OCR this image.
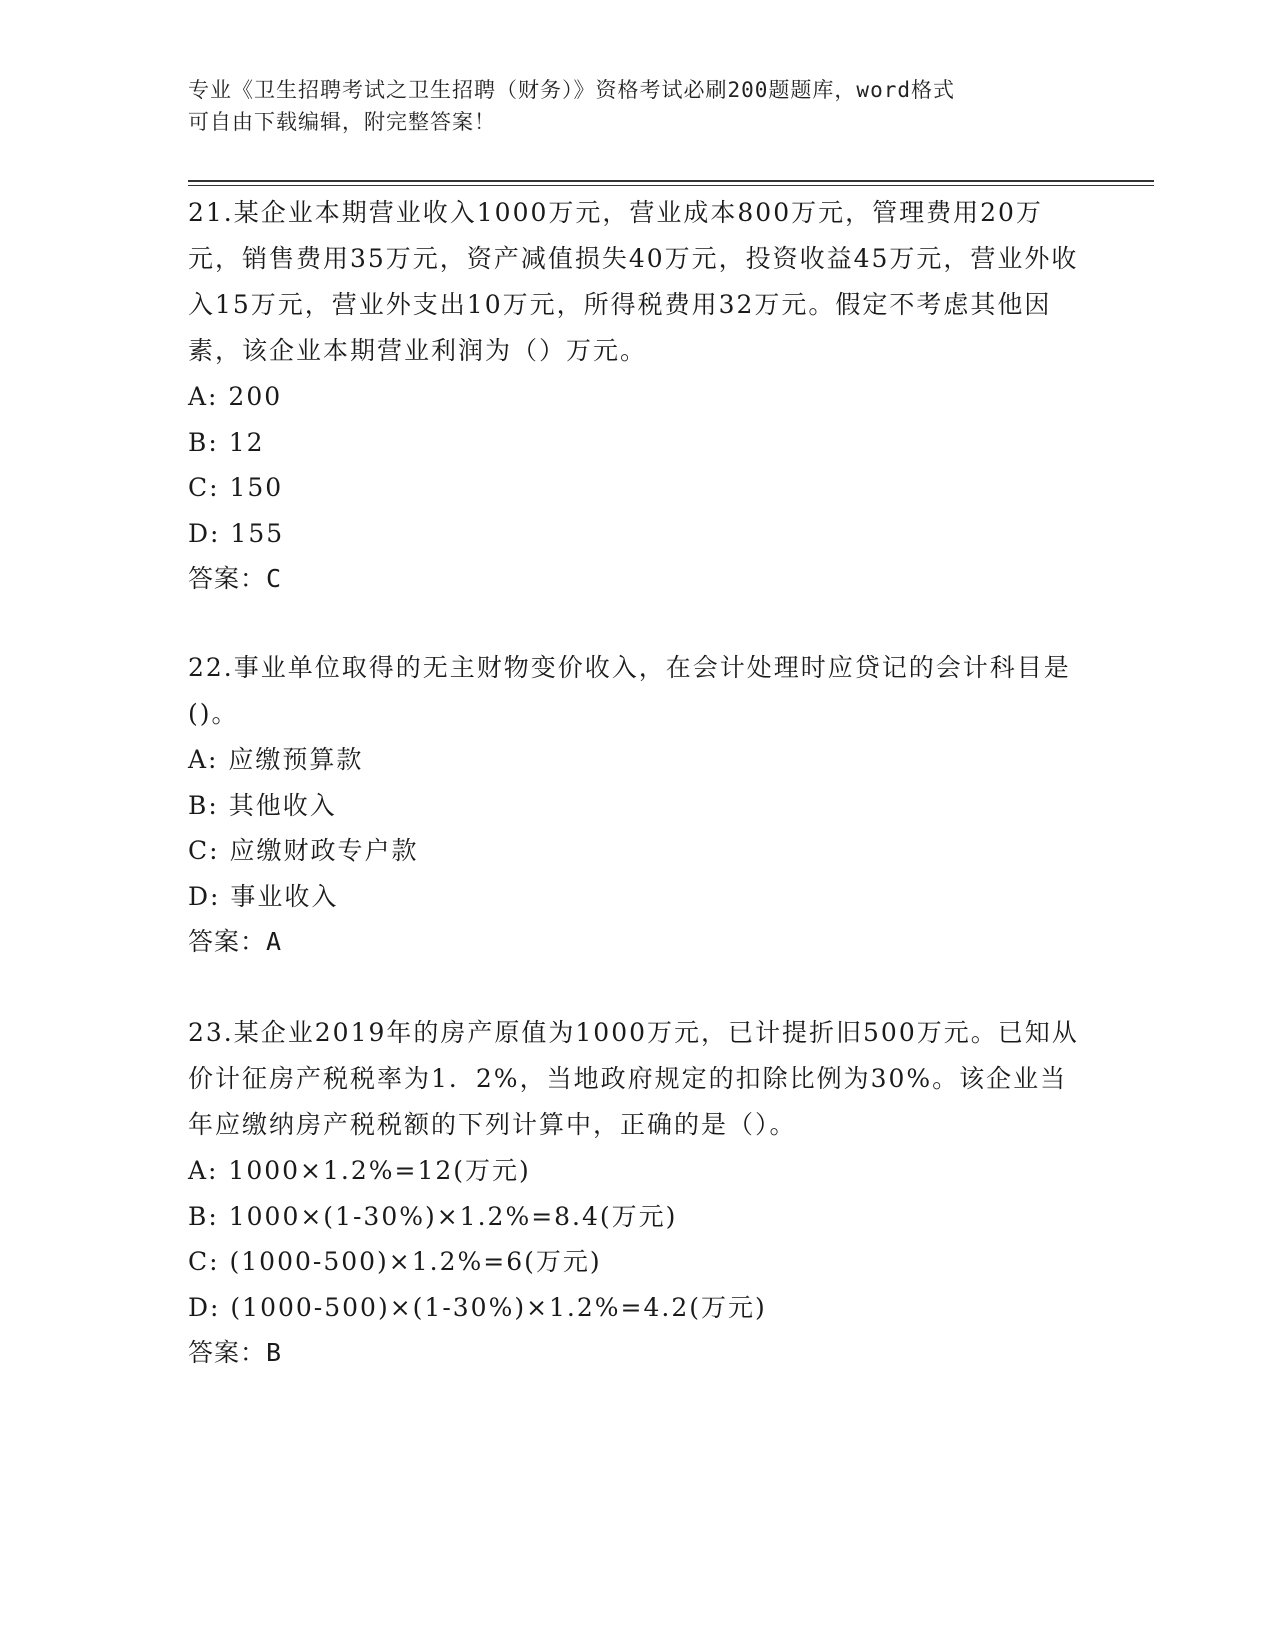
专业《卫生招聘考试之卫生招聘（财务）》资格考试必刷200题题库，word格式
可自由下载编辑，附完整答案！

21.某企业本期营业收入1000万元，营业成本800万元，管理费用20万元，销售费用35万元，资产减值损失40万元，投资收益45万元，营业外收入15万元，营业外支出10万元，所得税费用32万元。假定不考虑其他因素，该企业本期营业利润为（）万元。

A: 200

B: 12

C: 150

D: 155

答案：C

22.事业单位取得的无主财物变价收入，在会计处理时应贷记的会计科目是()。

A: 应缴预算款

B: 其他收入

C: 应缴财政专户款

D: 事业收入

答案：A

23.某企业2019年的房产原值为1000万元，已计提折旧500万元。已知从价计征房产税税率为1．2%，当地政府规定的扣除比例为30%。该企业当年应缴纳房产税税额的下列计算中，正确的是（）。

A: 1000×1.2%=12(万元)

B: 1000×(1-30%)×1.2%=8.4(万元)

C: (1000-500)×1.2%=6(万元)

D: (1000-500)×(1-30%)×1.2%=4.2(万元)

答案：B
